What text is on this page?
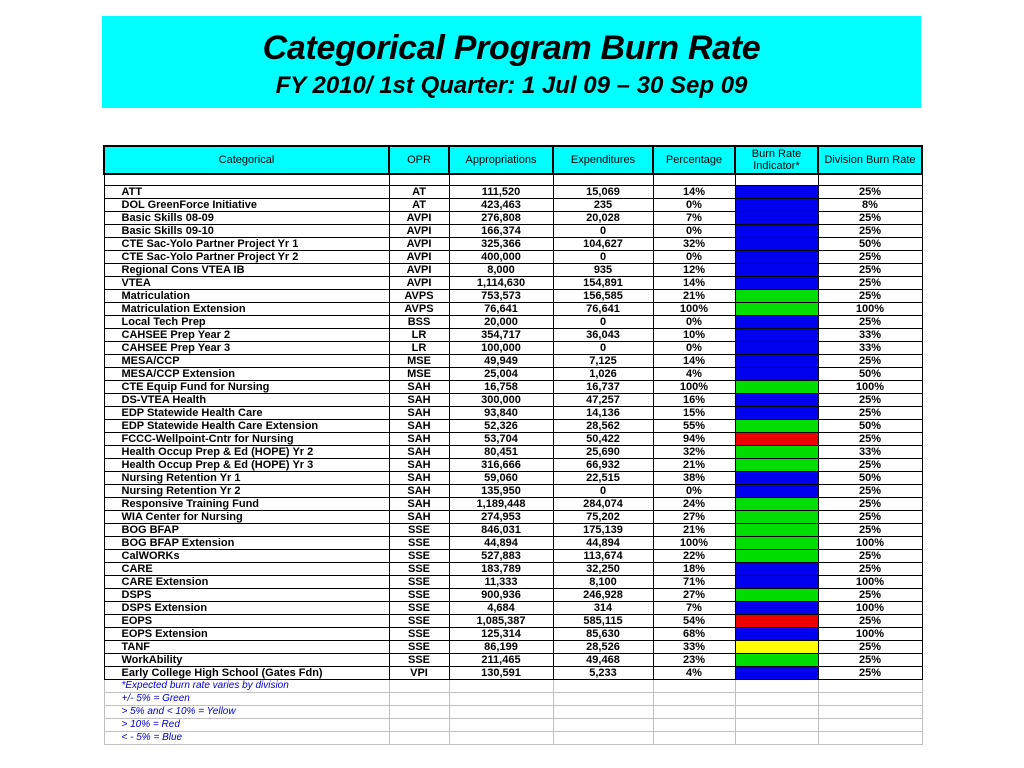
Categorical Program Burn Rate
FY 2010/ 1st Quarter: 1 Jul 09 – 30 Sep 09
Categorical	OPR	Appropriations	Expenditures	Percentage	Burn Rate Indicator*	Division Burn Rate

ATT	AT	111,520	15,069	14%		25%
DOL GreenForce Initiative	AT	423,463	235	0%		8%
Basic Skills 08-09	AVPI	276,808	20,028	7%		25%
Basic Skills 09-10	AVPI	166,374	0	0%		25%
CTE Sac-Yolo Partner Project Yr 1	AVPI	325,366	104,627	32%		50%
CTE Sac-Yolo Partner Project Yr 2	AVPI	400,000	0	0%		25%
Regional Cons VTEA IB	AVPI	8,000	935	12%		25%
VTEA	AVPI	1,114,630	154,891	14%		25%
Matriculation	AVPS	753,573	156,585	21%		25%
Matriculation Extension	AVPS	76,641	76,641	100%		100%
Local Tech Prep	BSS	20,000	0	0%		25%
CAHSEE Prep Year 2	LR	354,717	36,043	10%		33%
CAHSEE Prep Year 3	LR	100,000	0	0%		33%
MESA/CCP	MSE	49,949	7,125	14%		25%
MESA/CCP Extension	MSE	25,004	1,026	4%		50%
CTE Equip Fund for Nursing	SAH	16,758	16,737	100%		100%
DS-VTEA Health	SAH	300,000	47,257	16%		25%
EDP Statewide Health Care	SAH	93,840	14,136	15%		25%
EDP Statewide Health Care Extension	SAH	52,326	28,562	55%		50%
FCCC-Wellpoint-Cntr for Nursing	SAH	53,704	50,422	94%		25%
Health Occup Prep & Ed (HOPE) Yr 2	SAH	80,451	25,690	32%		33%
Health Occup Prep & Ed (HOPE) Yr 3	SAH	316,666	66,932	21%		25%
Nursing Retention Yr 1	SAH	59,060	22,515	38%		50%
Nursing Retention Yr 2	SAH	135,950	0	0%		25%
Responsive Training Fund	SAH	1,189,448	284,074	24%		25%
WIA Center for Nursing	SAH	274,953	75,202	27%		25%
BOG BFAP	SSE	846,031	175,139	21%		25%
BOG BFAP Extension	SSE	44,894	44,894	100%		100%
CalWORKs	SSE	527,883	113,674	22%		25%
CARE	SSE	183,789	32,250	18%		25%
CARE Extension	SSE	11,333	8,100	71%		100%
DSPS	SSE	900,936	246,928	27%		25%
DSPS Extension	SSE	4,684	314	7%		100%
EOPS	SSE	1,085,387	585,115	54%		25%
EOPS Extension	SSE	125,314	85,630	68%		100%
TANF	SSE	86,199	28,526	33%		25%
WorkAbility	SSE	211,465	49,468	23%		25%
Early College High School (Gates Fdn)	VPI	130,591	5,233	4%		25%
*Expected burn rate varies by division						
+/- 5% = Green						
> 5% and < 10% = Yellow						
> 10% = Red						
< - 5% = Blue						
